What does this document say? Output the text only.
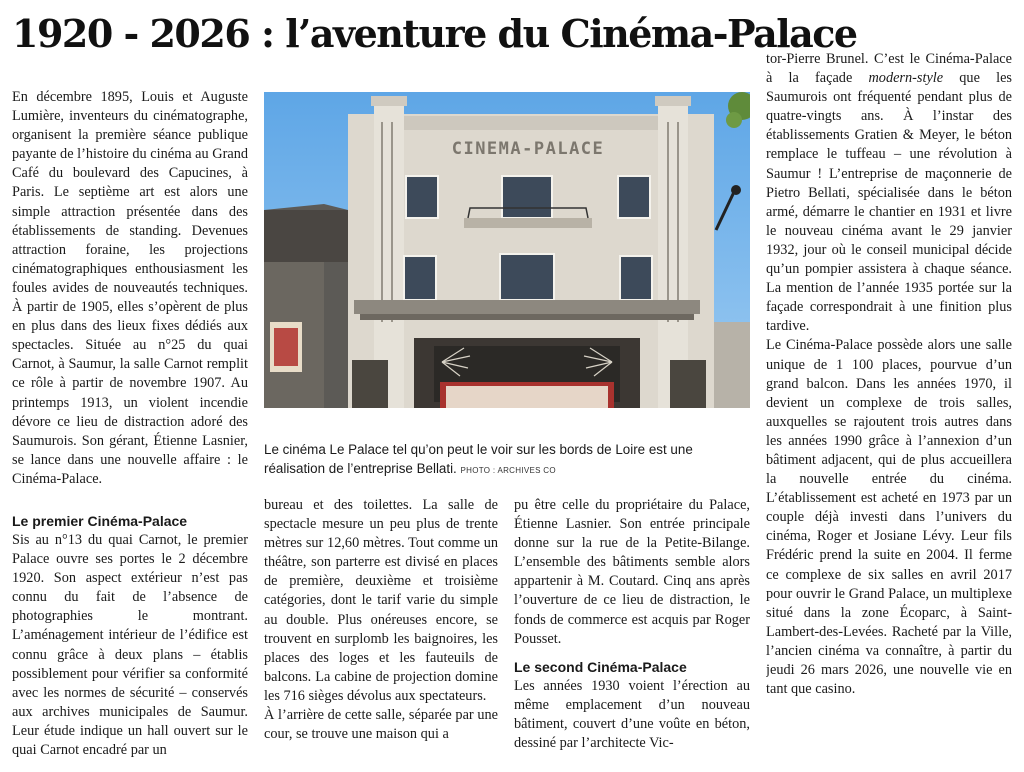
1920 - 2026 : l’aventure du Cinéma-Palace

En décembre 1895, Louis et Auguste Lumière, inventeurs du cinématographe, organisent la première séance publique payante de l’histoire du cinéma au Grand Café du boulevard des Capucines, à Paris. Le septième art est alors une simple attraction présentée dans des établissements de standing. Devenues attraction foraine, les projections cinématographiques enthousiasment les foules avides de nouveautés techniques. À partir de 1905, elles s’opèrent de plus en plus dans des lieux fixes dédiés aux spectacles. Située au n°25 du quai Carnot, à Saumur, la salle Carnot remplit ce rôle à partir de novembre 1907. Au printemps 1913, un violent incendie dévore ce lieu de distraction adoré des Saumurois. Son gérant, Étienne Lasnier, se lance dans une nouvelle affaire : le Cinéma-Palace.

Le premier Cinéma-Palace

Sis au n°13 du quai Carnot, le premier Palace ouvre ses portes le 2 décembre 1920. Son aspect extérieur n’est pas connu du fait de l’absence de photographies le montrant. L’aménagement intérieur de l’édifice est connu grâce à deux plans – établis possiblement pour vérifier sa conformité avec les normes de sécurité – conservés aux archives municipales de Saumur. Leur étude indique un hall ouvert sur le quai Carnot encadré par un

CINEMA-PALACE
Le cinéma Le Palace tel qu’on peut le voir sur les bords de Loire est une réalisation de l’entreprise Bellati. PHOTO : ARCHIVES CO

bureau et des toilettes. La salle de spectacle mesure un peu plus de trente mètres sur 12,60 mètres. Tout comme un théâtre, son parterre est divisé en places de première, deuxième et troisième catégories, dont le tarif varie du simple au double. Plus onéreuses encore, se trouvent en surplomb les baignoires, les places des loges et les fauteuils de balcons. La cabine de projection domine les 716 sièges dévolus aux spectateurs.

À l’arrière de cette salle, séparée par une cour, se trouve une maison qui a

pu être celle du propriétaire du Palace, Étienne Lasnier. Son entrée principale donne sur la rue de la Petite-Bilange. L’ensemble des bâtiments semble alors appartenir à M. Coutard. Cinq ans après l’ouverture de ce lieu de distraction, le fonds de commerce est acquis par Roger Pousset.

Le second Cinéma-Palace

Les années 1930 voient l’érection au même emplacement d’un nouveau bâtiment, couvert d’une voûte en béton, dessiné par l’architecte Vic-

tor-Pierre Brunel. C’est le Cinéma-Palace à la façade modern-style que les Saumurois ont fréquenté pendant plus de quatre-vingts ans. À l’instar des établissements Gratien & Meyer, le béton remplace le tuffeau – une révolution à Saumur ! L’entreprise de maçonnerie de Pietro Bellati, spécialisée dans le béton armé, démarre le chantier en 1931 et livre le nouveau cinéma avant le 29 janvier 1932, jour où le conseil municipal décide qu’un pompier assistera à chaque séance. La mention de l’année 1935 portée sur la façade correspondrait à une finition plus tardive.

Le Cinéma-Palace possède alors une salle unique de 1 100 places, pourvue d’un grand balcon. Dans les années 1970, il devient un complexe de trois salles, auxquelles se rajoutent trois autres dans les années 1990 grâce à l’annexion d’un bâtiment adjacent, qui de plus accueillera la nouvelle entrée du cinéma. L’établissement est acheté en 1973 par un couple déjà investi dans l’univers du cinéma, Roger et Josiane Lévy. Leur fils Frédéric prend la suite en 2004. Il ferme ce complexe de six salles en avril 2017 pour ouvrir le Grand Palace, un multiplexe situé dans la zone Écoparc, à Saint-Lambert-des-Levées. Racheté par la Ville, l’ancien cinéma va connaître, à partir du jeudi 26 mars 2026, une nouvelle vie en tant que casino.
